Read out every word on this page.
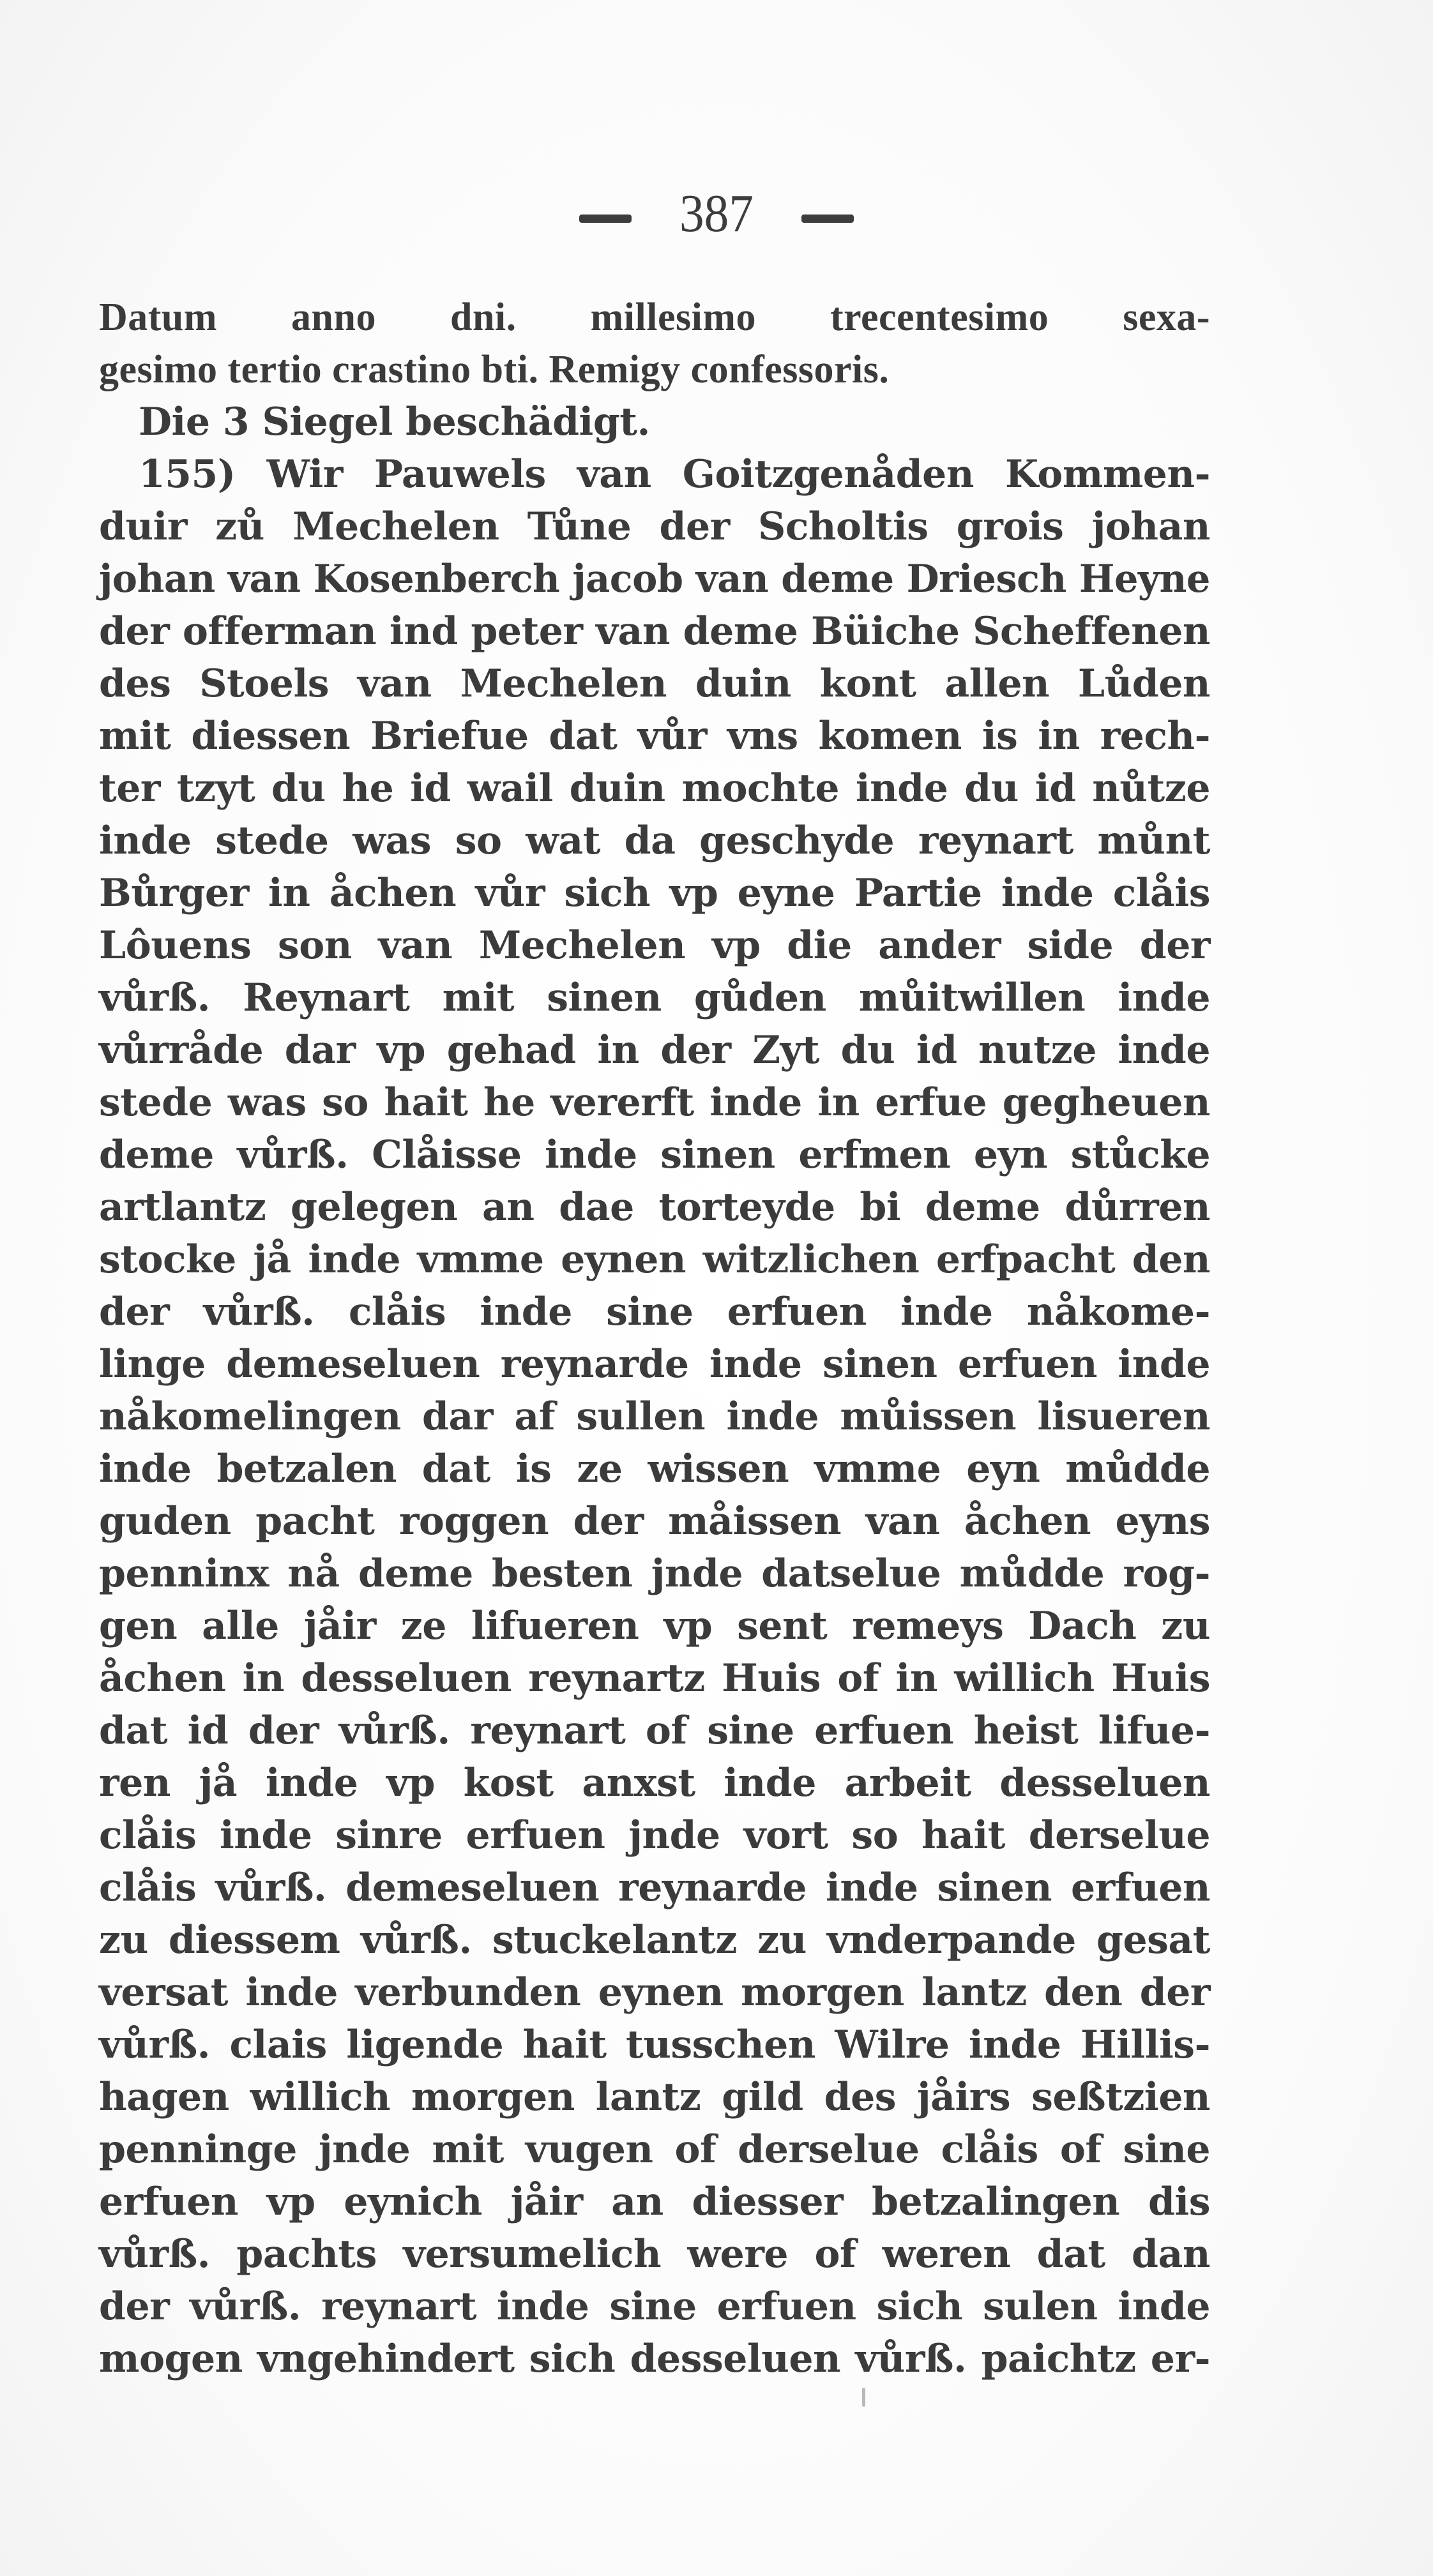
387
Datum anno dni. millesimo trecentesimo sexa-
gesimo tertio crastino bti. Remigy confessoris.
Die 3 Siegel beschädigt.
155) Wir Pauwels van Goitzgenåden Kommen-
duir zů Mechelen Tůne der Scholtis grois johan
johan van Kosenberch jacob van deme Driesch Heyne
der offerman ind peter van deme Büiche Scheffenen
des Stoels van Mechelen duin kont allen Lůden
mit diessen Briefue dat vůr vns komen is in rech-
ter tzyt du he id wail duin mochte inde du id nůtze
inde stede was so wat da geschyde reynart můnt
Bůrger in åchen vůr sich vp eyne Partie inde clåis
Lôuens son van Mechelen vp die ander side der
vůrß. Reynart mit sinen gůden můitwillen inde
vůrråde dar vp gehad in der Zyt du id nutze inde
stede was so hait he vererft inde in erfue gegheuen
deme vůrß. Clåisse inde sinen erfmen eyn stůcke
artlantz gelegen an dae torteyde bi deme důrren
stocke jå inde vmme eynen witzlichen erfpacht den
der vůrß. clåis inde sine erfuen inde nåkome-
linge demeseluen reynarde inde sinen erfuen inde
nåkomelingen dar af sullen inde můissen lisueren
inde betzalen dat is ze wissen vmme eyn můdde
guden pacht roggen der måissen van åchen eyns
penninx nå deme besten jnde datselue můdde rog-
gen alle jåir ze lifueren vp sent remeys Dach zu
åchen in desseluen reynartz Huis of in willich Huis
dat id der vůrß. reynart of sine erfuen heist lifue-
ren jå inde vp kost anxst inde arbeit desseluen
clåis inde sinre erfuen jnde vort so hait derselue
clåis vůrß. demeseluen reynarde inde sinen erfuen
zu diessem vůrß. stuckelantz zu vnderpande gesat
versat inde verbunden eynen morgen lantz den der
vůrß. clais ligende hait tusschen Wilre inde Hillis-
hagen willich morgen lantz gild des jåirs seßtzien
penninge jnde mit vugen of derselue clåis of sine
erfuen vp eynich jåir an diesser betzalingen dis
vůrß. pachts versumelich were of weren dat dan
der vůrß. reynart inde sine erfuen sich sulen inde
mogen vngehindert sich desseluen vůrß. paichtz er-
